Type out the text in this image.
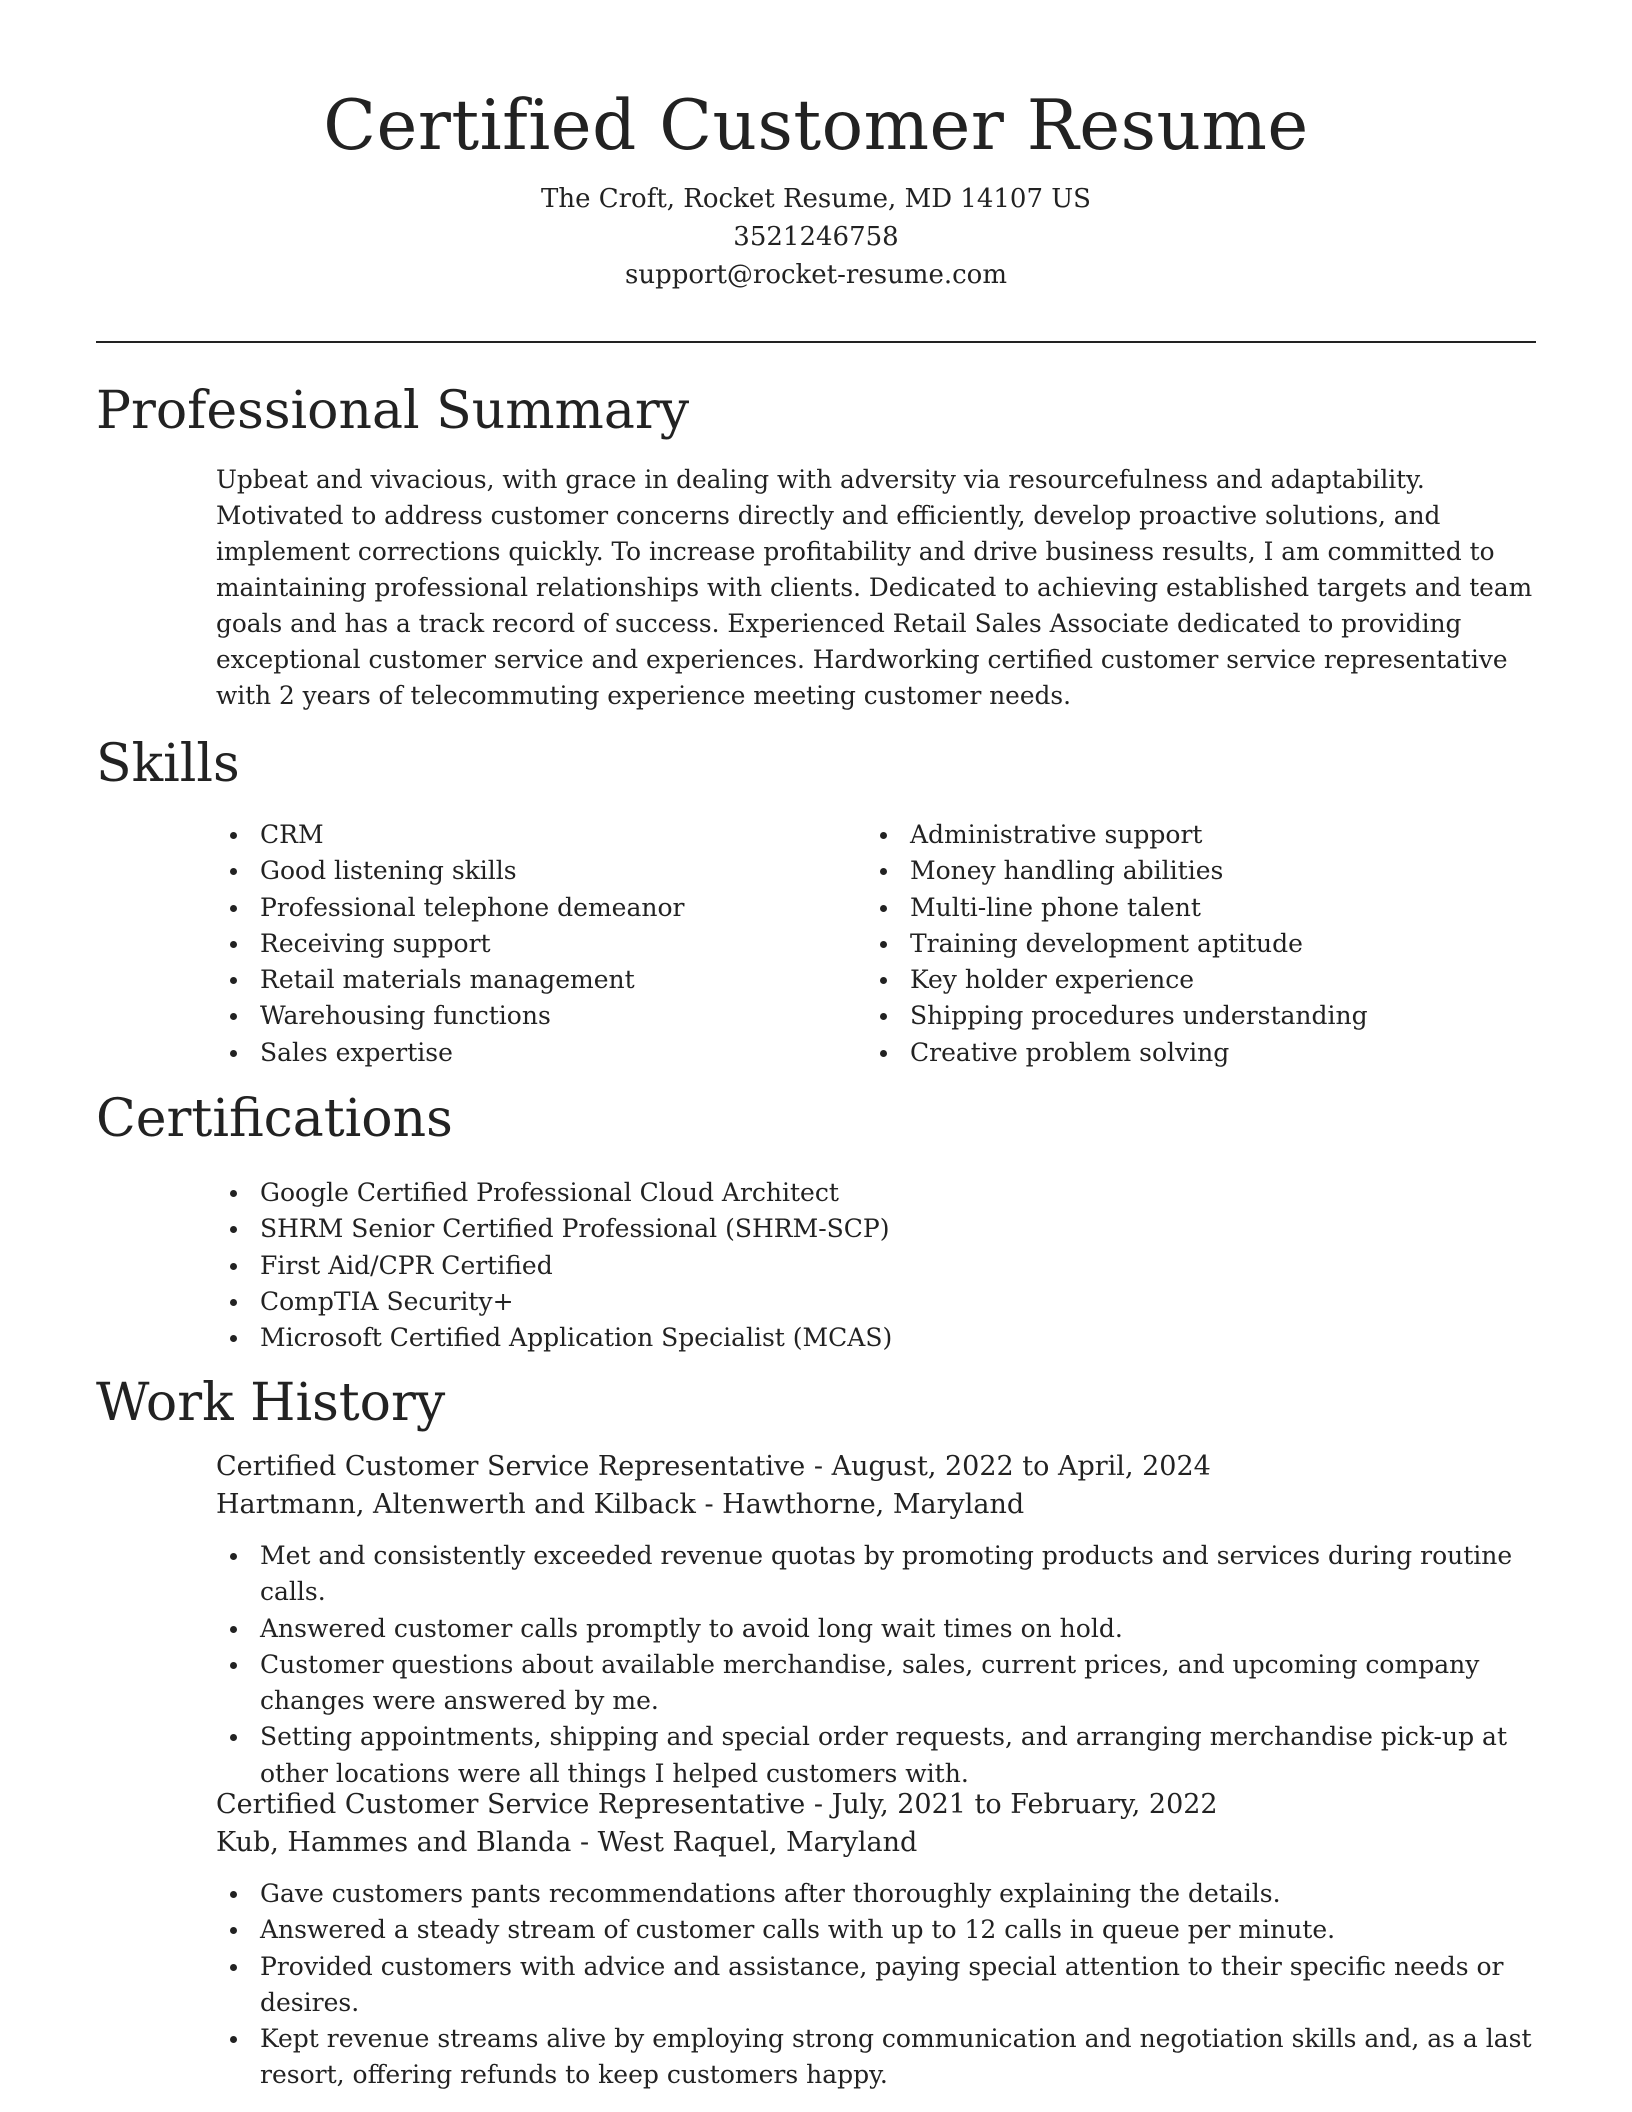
Certified Customer Resume

The Croft, Rocket Resume, MD 14107 US

3521246758

support@rocket-resume.com

Professional Summary

Upbeat and vivacious, with grace in dealing with adversity via resourcefulness and adaptability. Motivated to address customer concerns directly and efficiently, develop proactive solutions, and implement corrections quickly. To increase profitability and drive business results, I am committed to maintaining professional relationships with clients. Dedicated to achieving established targets and team goals and has a track record of success. Experienced Retail Sales Associate dedicated to providing exceptional customer service and experiences. Hardworking certified customer service representative with 2 years of telecommuting experience meeting customer needs.

Skills
CRM
Good listening skills
Professional telephone demeanor
Receiving support
Retail materials management
Warehousing functions
Sales expertise
Administrative support
Money handling abilities
Multi-line phone talent
Training development aptitude
Key holder experience
Shipping procedures understanding
Creative problem solving
Certifications
Google Certified Professional Cloud Architect
SHRM Senior Certified Professional (SHRM-SCP)
First Aid/CPR Certified
CompTIA Security+
Microsoft Certified Application Specialist (MCAS)
Work History

Certified Customer Service Representative - August, 2022 to April, 2024

Hartmann, Altenwerth and Kilback - Hawthorne, Maryland

Met and consistently exceeded revenue quotas by promoting products and services during routine calls.
Answered customer calls promptly to avoid long wait times on hold.
Customer questions about available merchandise, sales, current prices, and upcoming company changes were answered by me.
Setting appointments, shipping and special order requests, and arranging merchandise pick-up at other locations were all things I helped customers with.

Certified Customer Service Representative - July, 2021 to February, 2022

Kub, Hammes and Blanda - West Raquel, Maryland

Gave customers pants recommendations after thoroughly explaining the details.
Answered a steady stream of customer calls with up to 12 calls in queue per minute.
Provided customers with advice and assistance, paying special attention to their specific needs or desires.
Kept revenue streams alive by employing strong communication and negotiation skills and, as a last resort, offering refunds to keep customers happy.
